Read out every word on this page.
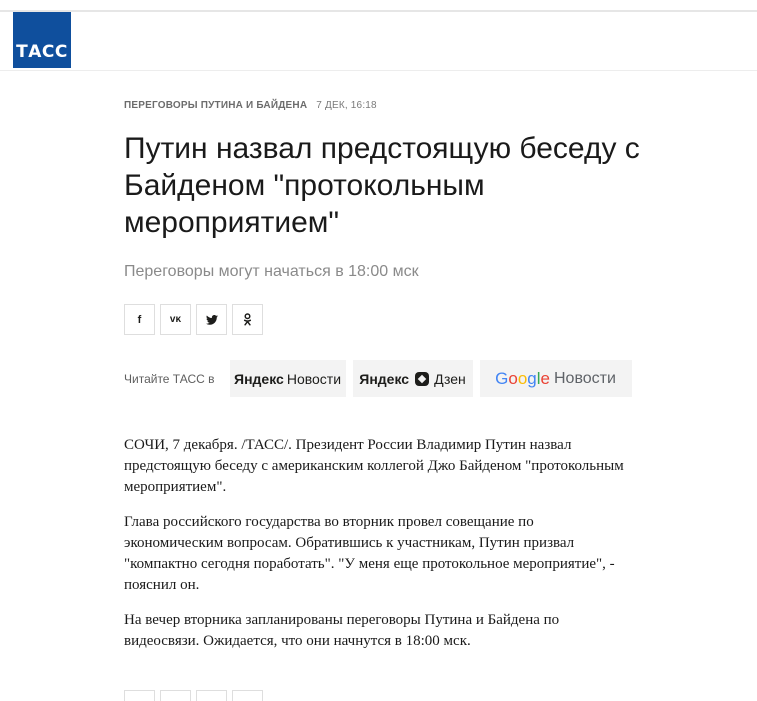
ТАСС
ПЕРЕГОВОРЫ ПУТИНА И БАЙДЕНА 7 ДЕК, 16:18
Путин назвал предстоящую беседу с Байденом "протокольным мероприятием"
Переговоры могут начаться в 18:00 мск
f	ᴠᴋ
Читайте ТАСС в Яндекс Новости Яндекс Дзен Google Новости

СОЧИ, 7 декабря. /ТАСС/. Президент России Владимир Путин назвал предстоящую беседу с американским коллегой Джо Байденом "протокольным мероприятием".

Глава российского государства во вторник провел совещание по экономическим вопросам. Обратившись к участникам, Путин призвал "компактно сегодня поработать". "У меня еще протокольное мероприятие", - пояснил он.

На вечер вторника запланированы переговоры Путина и Байдена по видеосвязи. Ожидается, что они начнутся в 18:00 мск.
